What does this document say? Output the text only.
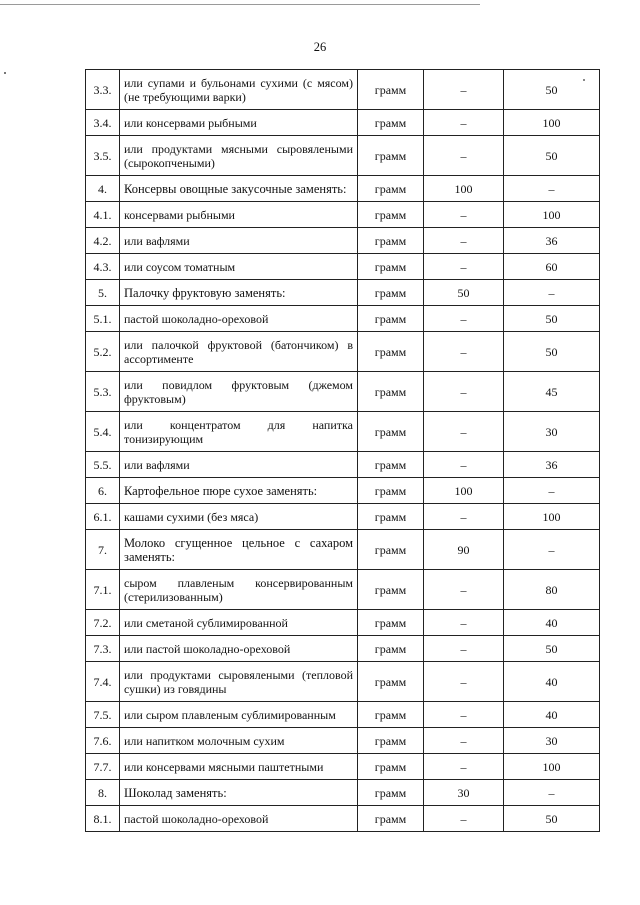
26
3.3.	или супами и бульонами сухими (с мясом) (не требующими варки)	грамм	–	50
3.4.	или консервами рыбными	грамм	–	100
3.5.	или продуктами мясными сыровялеными (сырокопчеными)	грамм	–	50
4.	Консервы овощные закусочные заменять:	грамм	100	–
4.1.	консервами рыбными	грамм	–	100
4.2.	или вафлями	грамм	–	36
4.3.	или соусом томатным	грамм	–	60
5.	Палочку фруктовую заменять:	грамм	50	–
5.1.	пастой шоколадно-ореховой	грамм	–	50
5.2.	или палочкой фруктовой (батончиком) в ассортименте	грамм	–	50
5.3.	или повидлом фруктовым (джемом фруктовым)	грамм	–	45
5.4.	или концентратом для напитка тонизирующим	грамм	–	30
5.5.	или вафлями	грамм	–	36
6.	Картофельное пюре сухое заменять:	грамм	100	–
6.1.	кашами сухими (без мяса)	грамм	–	100
7.	Молоко сгущенное цельное с сахаром заменять:	грамм	90	–
7.1.	сыром плавленым консервированным (стерилизованным)	грамм	–	80
7.2.	или сметаной сублимированной	грамм	–	40
7.3.	или пастой шоколадно-ореховой	грамм	–	50
7.4.	или продуктами сыровялеными (тепловой сушки) из говядины	грамм	–	40
7.5.	или сыром плавленым сублимированным	грамм	–	40
7.6.	или напитком молочным сухим	грамм	–	30
7.7.	или консервами мясными паштетными	грамм	–	100
8.	Шоколад заменять:	грамм	30	–
8.1.	пастой шоколадно-ореховой	грамм	–	50
